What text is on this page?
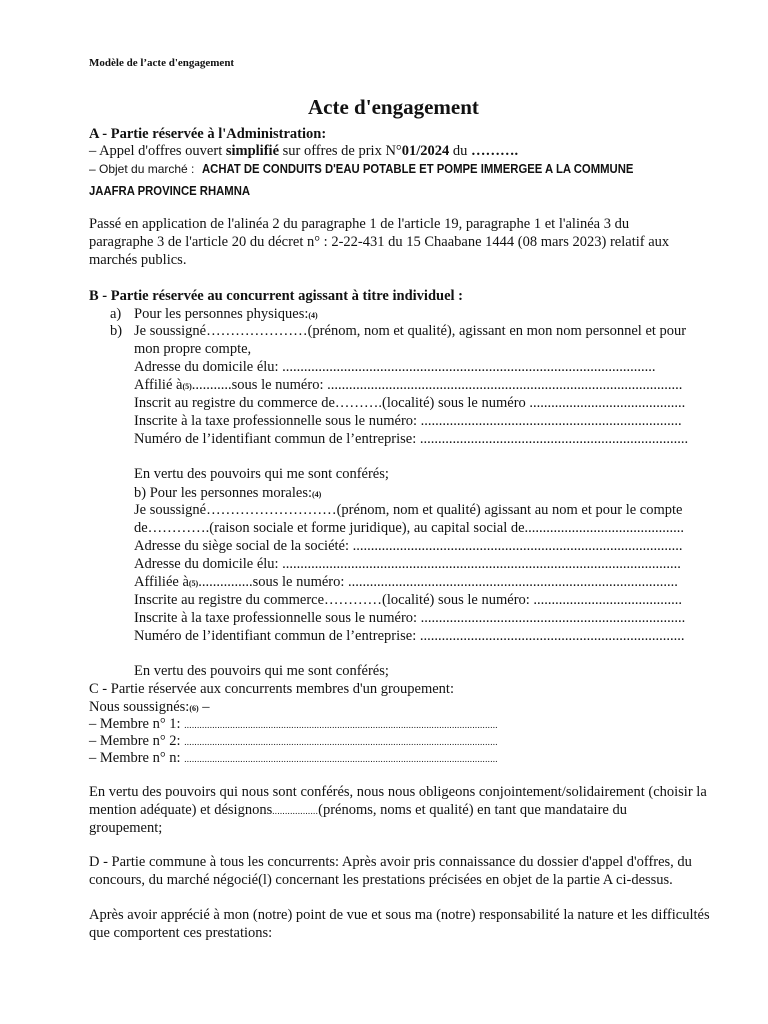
Modèle de l’acte d'engagement
Acte d'engagement
A - Partie réservée à l'Administration:
– Appel d'offres ouvert simplifié sur offres de prix N°01/2024 du ……….
– Objet du marché : ACHAT DE CONDUITS D'EAU POTABLE ET POMPE IMMERGEE A LA COMMUNE
JAAFRA PROVINCE RHAMNA
Passé en application de l'alinéa 2 du paragraphe 1 de l'article 19, paragraphe 1 et l'alinéa 3 du
paragraphe 3 de l'article 20 du décret n° : 2-22-431 du 15 Chaabane 1444 (08 mars 2023) relatif aux
marchés publics.
B - Partie réservée au concurrent agissant à titre individuel :
a) Pour les personnes physiques:(4)
b) Je soussigné…………………(prénom, nom et qualité), agissant en mon nom personnel et pour
mon propre compte,
Adresse du domicile élu: .......................................................................................................
Affilié à(5)...........sous le numéro: ..................................................................................................
Inscrit au registre du commerce de……….(localité) sous le numéro ...........................................
Inscrite à la taxe professionnelle sous le numéro: ........................................................................
Numéro de l’identifiant commun de l’entreprise: ..........................................................................
En vertu des pouvoirs qui me sont conférés;
b) Pour les personnes morales:(4)
Je soussigné………………………(prénom, nom et qualité) agissant au nom et pour le compte
de………….(raison sociale et forme juridique), au capital social de............................................
Adresse du siège social de la société: ...........................................................................................
Adresse du domicile élu: ..............................................................................................................
Affiliée à(5)...............sous le numéro: ...........................................................................................
Inscrite au registre du commerce…………(localité) sous le numéro: .........................................
Inscrite à la taxe professionnelle sous le numéro: .........................................................................
Numéro de l’identifiant commun de l’entreprise: .........................................................................
En vertu des pouvoirs qui me sont conférés;
C - Partie réservée aux concurrents membres d'un groupement:
Nous soussignés:(6) –
– Membre n° 1: ...........................................................................................................................
– Membre n° 2: ...........................................................................................................................
– Membre n° n: ...........................................................................................................................
En vertu des pouvoirs qui nous sont conférés, nous nous obligeons conjointement/solidairement (choisir la
mention adéquate) et désignons..................(prénoms, noms et qualité) en tant que mandataire du
groupement;
D - Partie commune à tous les concurrents: Après avoir pris connaissance du dossier d'appel d'offres, du
concours, du marché négocié(l) concernant les prestations précisées en objet de la partie A ci-dessus.
Après avoir apprécié à mon (notre) point de vue et sous ma (notre) responsabilité la nature et les difficultés
que comportent ces prestations:
